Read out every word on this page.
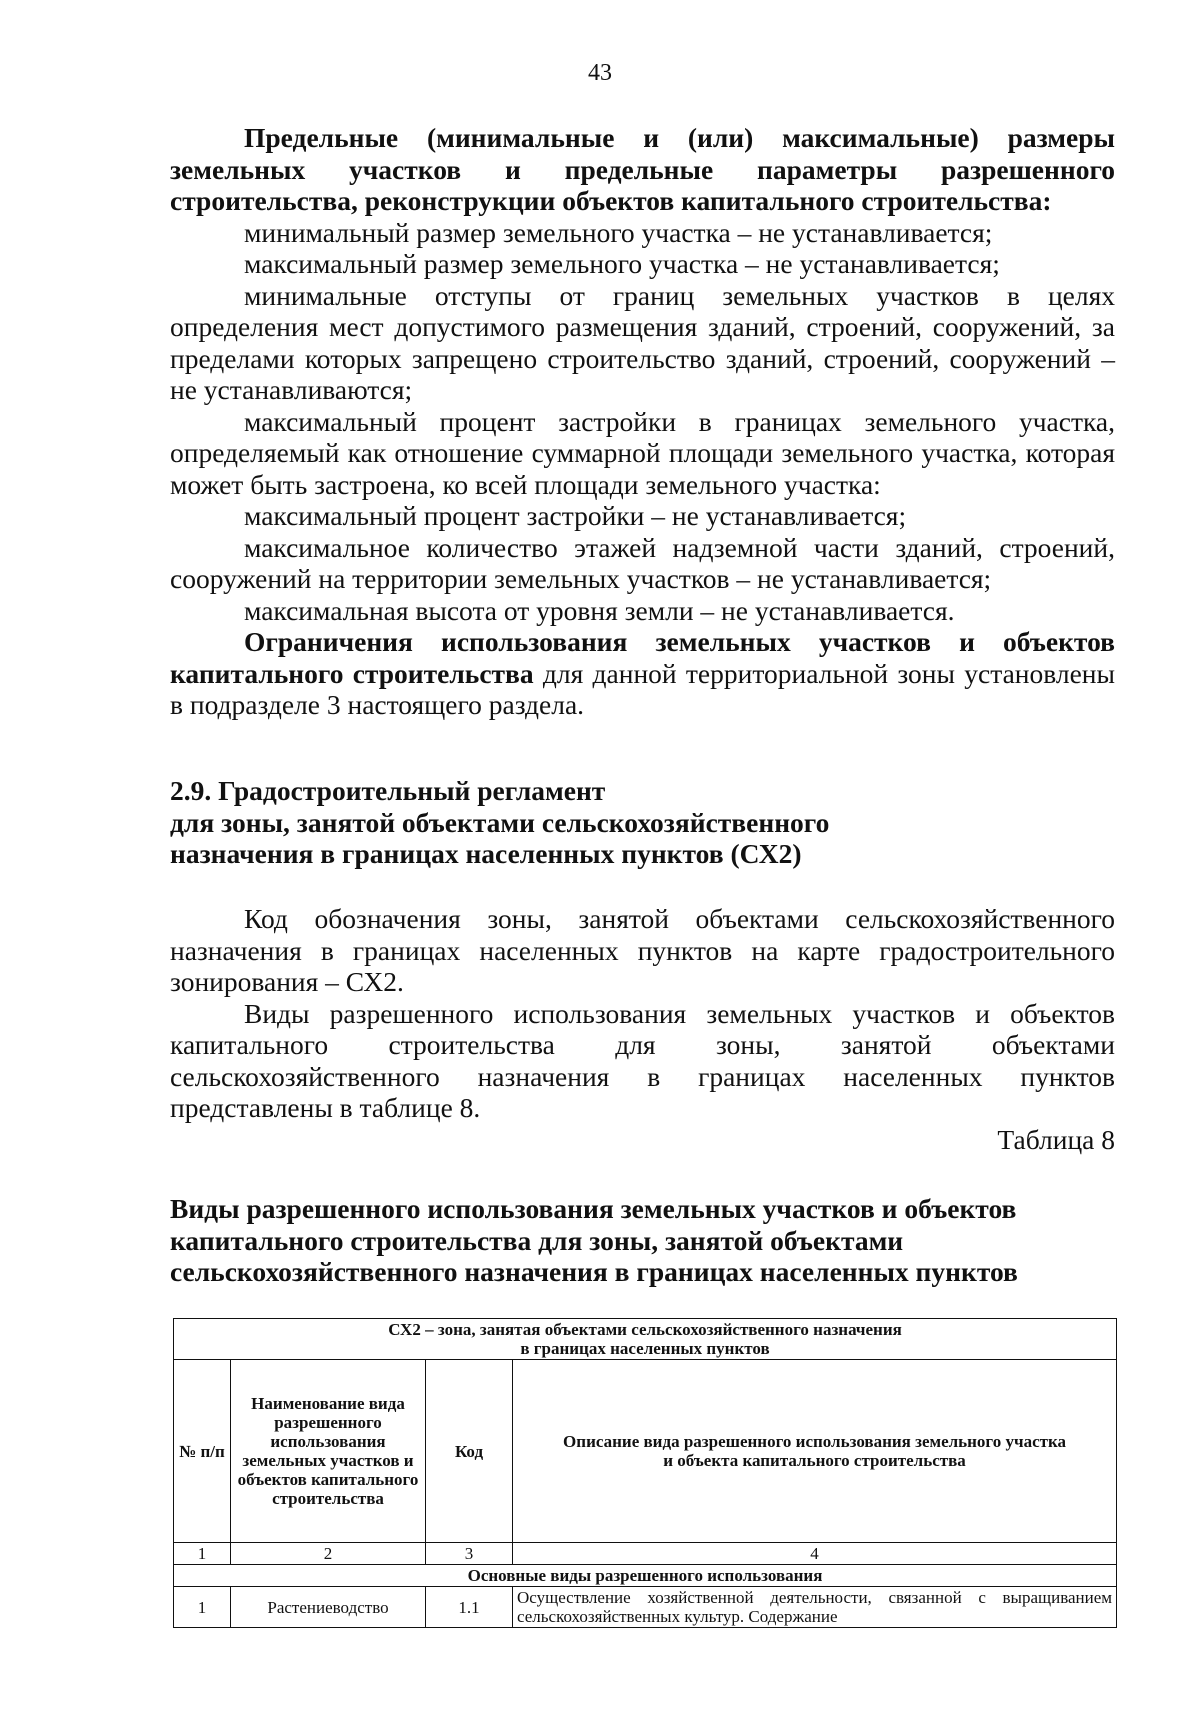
43

Предельные (минимальные и (или) максимальные) размеры земельных участков и предельные параметры разрешенного строительства, реконструкции объектов капитального строительства:

минимальный размер земельного участка – не устанавливается;

максимальный размер земельного участка – не устанавливается;

минимальные отступы от границ земельных участков в целях определения мест допустимого размещения зданий, строений, сооружений, за пределами которых запрещено строительство зданий, строений, сооружений – не устанавливаются;

максимальный процент застройки в границах земельного участка, определяемый как отношение суммарной площади земельного участка, которая может быть застроена, ко всей площади земельного участка:

максимальный процент застройки – не устанавливается;

максимальное количество этажей надземной части зданий, строений, сооружений на территории земельных участков – не устанавливается;

максимальная высота от уровня земли – не устанавливается.

Ограничения использования земельных участков и объектов капитального строительства для данной территориальной зоны установлены в подразделе 3 настоящего раздела.

2.9. Градостроительный регламент

для зоны, занятой объектами сельскохозяйственного

назначения в границах населенных пунктов (СХ2)

Код обозначения зоны, занятой объектами сельскохозяйственного назначения в границах населенных пунктов на карте градостроительного зонирования – СХ2.

Виды разрешенного использования земельных участков и объектов капитального строительства для зоны, занятой объектами сельскохозяйственного назначения в границах населенных пунктов представлены в таблице 8.

Таблица 8

Виды разрешенного использования земельных участков и объектов

капитального строительства для зоны, занятой объектами

сельскохозяйственного назначения в границах населенных пунктов

СХ2 – зона, занятая объектами сельскохозяйственного назначения
в границах населенных пунктов			

№ п/п	Наименование вида разрешенного использования земельных участков и объектов капитального строительства	Код	Описание вида разрешенного использования земельного участка и объекта капитального строительства
1	2	3	4
Основные виды разрешенного использования			
1	Растениеводство	1.1	Осуществление хозяйственной деятельности, связанной с выращиванием сельскохозяйственных культур. Содержание
